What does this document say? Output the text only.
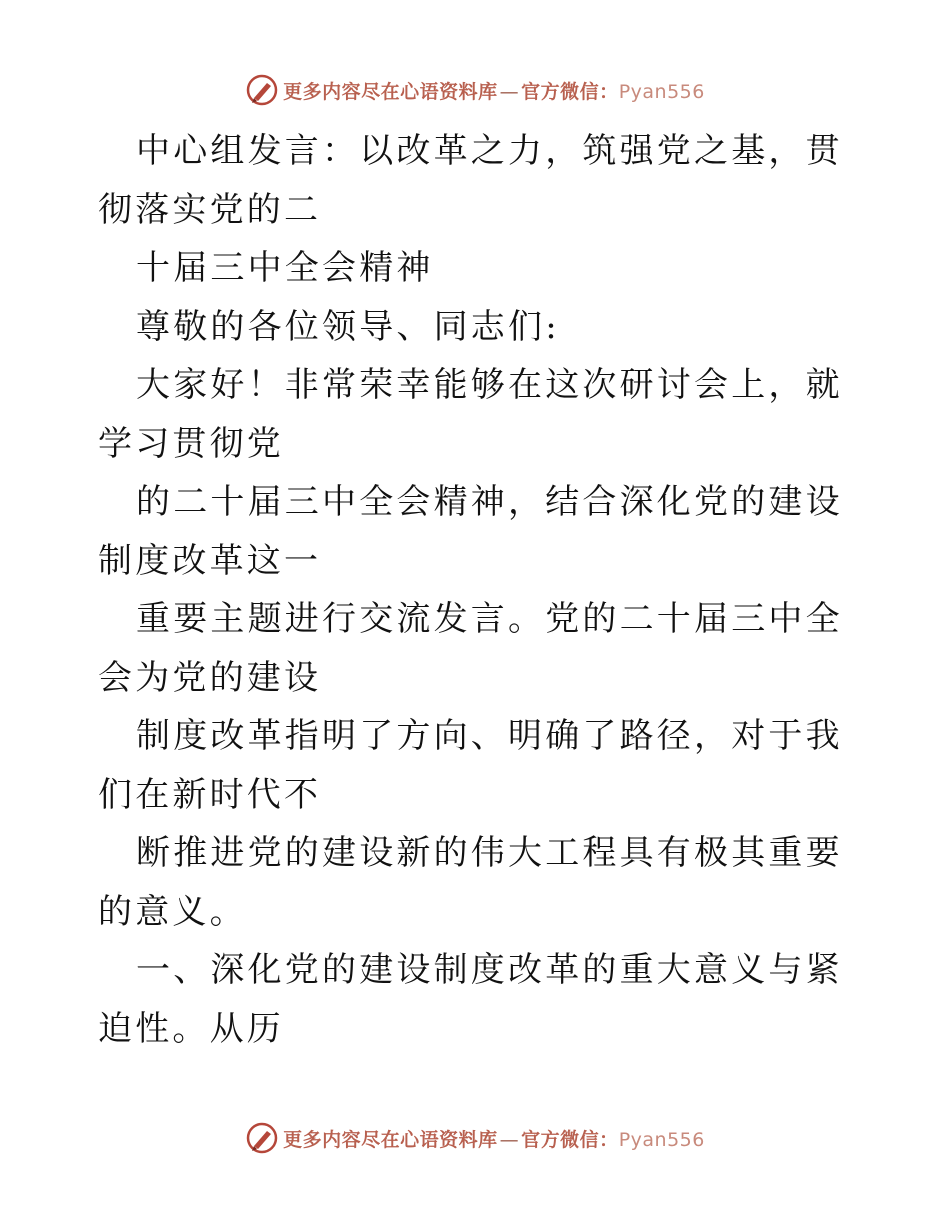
更多内容尽在心语资料库 — 官方微信：Pyan556

中心组发言：以改革之力，筑强党之基，贯彻落实党的二

十届三中全会精神

尊敬的各位领导、同志们:

大家好！非常荣幸能够在这次研讨会上，就学习贯彻党

的二十届三中全会精神，结合深化党的建设制度改革这一

重要主题进行交流发言。党的二十届三中全会为党的建设

制度改革指明了方向、明确了路径，对于我们在新时代不

断推进党的建设新的伟大工程具有极其重要的意义。

一、深化党的建设制度改革的重大意义与紧迫性。从历

更多内容尽在心语资料库 — 官方微信：Pyan556
